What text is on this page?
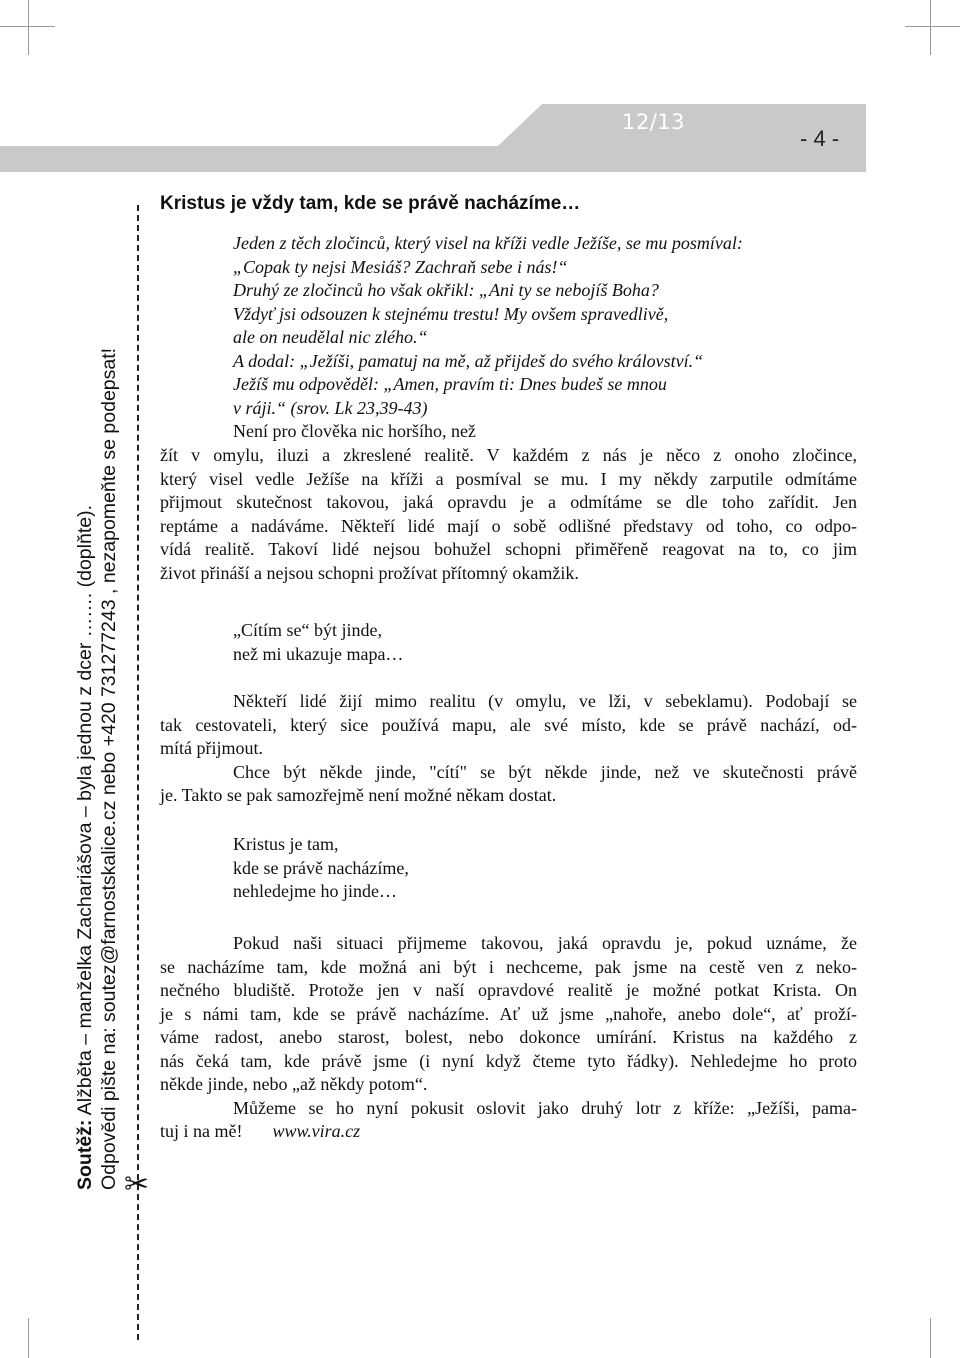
12/13
- 4 -
✂
Soutěž: Alžběta – manželka Zachariášova – byla jednou z dcer ……. (doplňte). Odpovědi pište na: soutez@farnostskalice.cz nebo +420 731277243 , nezapomeňte se podepsat!
Kristus je vždy tam, kde se právě nacházíme…
Jeden z těch zločinců, který visel na kříži vedle Ježíše, se mu posmíval:
„Copak ty nejsi Mesiáš? Zachraň sebe i nás!“
Druhý ze zločinců ho však okřikl: „Ani ty se nebojíš Boha?
Vždyť jsi odsouzen k stejnému trestu! My ovšem spravedlivě,
ale on neudělal nic zlého.“
A dodal: „Ježíši, pamatuj na mě, až přijdeš do svého království.“
Ježíš mu odpověděl: „Amen, pravím ti: Dnes budeš se mnou
v ráji.“ (srov. Lk 23,39-43)
Není pro člověka nic horšího, než
žít v omylu, iluzi a zkreslené realitě. V každém z nás je něco z onoho zločince,
který visel vedle Ježíše na kříži a posmíval se mu. I my někdy zarputile odmítáme
přijmout skutečnost takovou, jaká opravdu je a odmítáme se dle toho zařídit. Jen
reptáme a nadáváme. Někteří lidé mají o sobě odlišné představy od toho, co odpo-
vídá realitě. Takoví lidé nejsou bohužel schopni přiměřeně reagovat na to, co jim
život přináší a nejsou schopni prožívat přítomný okamžik.
„Cítím se“ být jinde,
než mi ukazuje mapa…
Někteří lidé žijí mimo realitu (v omylu, ve lži, v sebeklamu). Podobají se
tak cestovateli, který sice používá mapu, ale své místo, kde se právě nachází, od-
mítá přijmout.
Chce být někde jinde, "cítí" se být někde jinde, než ve skutečnosti právě
je. Takto se pak samozřejmě není možné někam dostat.
Kristus je tam,
kde se právě nacházíme,
nehledejme ho jinde…
Pokud naši situaci přijmeme takovou, jaká opravdu je, pokud uznáme, že
se nacházíme tam, kde možná ani být i nechceme, pak jsme na cestě ven z neko-
nečného bludiště. Protože jen v naší opravdové realitě je možné potkat Krista. On
je s námi tam, kde se právě nacházíme. Ať už jsme „nahoře, anebo dole“, ať proží-
váme radost, anebo starost, bolest, nebo dokonce umírání. Kristus na každého z
nás čeká tam, kde právě jsme (i nyní když čteme tyto řádky). Nehledejme ho proto
někde jinde, nebo „až někdy potom“.
Můžeme se ho nyní pokusit oslovit jako druhý lotr z kříže: „Ježíši, pama-
tuj i na mě! www.vira.cz
